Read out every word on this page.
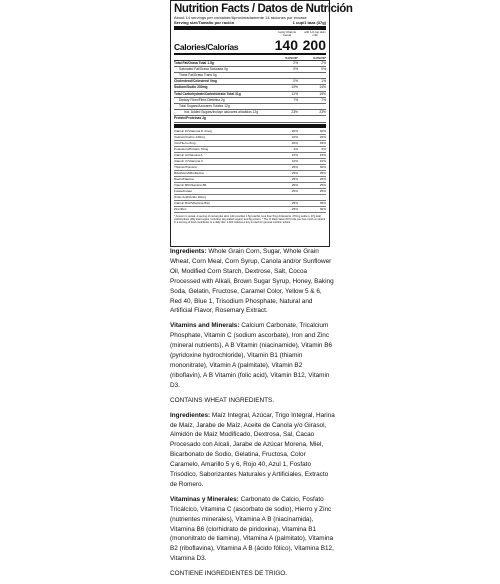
Nutrition Facts / Datos de Nutrición
About 14 servings per container/Aproximadamente 14 raciones por envase
Serving size/Tamaño por ración	1 cup/1 taza (37g)
Lucky Charms Cereal
with 1/2 cup skim milk
Calories/Calorías	140 200
% DV/VD*	% DV/VD*
Total Fat/Grasa Total 1.5g	2%	2%
Saturated Fat/Grasa Saturada 0g	0%	0%
Trans Fat/Grasa Trans 0g
Cholesterol/Colesterol 0mg	0%	1%
Sodium/Sodio 230mg	10%	14%
Total Carbohydrate/Carbohidrato Total 31g	11%	15%
Dietary Fiber/Fibra Dietética 2g	7%	7%
Total Sugars/Azúcares Totales 12g
Incl. Added Sugars/Incluye azúcares añadidos 12g	23%	23%
Protein/Proteínas 2g
Vitamin D/Vitamina D 4mcg	20%	30%
Calcium/Calcio 130mg	10%	20%
Iron/Hierro 8mg	45%	45%
Potassium/Potasio 70mg	2%	6%
Vitamin A/Vitamina A	10%	15%
Vitamin C/Vitamina C	10%	10%
Thiamin/Tiamina	25%	30%
Riboflavin/Riboflavina	25%	35%
Niacin/Niacina	25%	25%
Vitamin B6/Vitamina B6	25%	25%
Folate/Folato	25%	25%
(Folic Acid/Ácido fólico)
Vitamin B12/Vitamina B12	25%	35%
Zinc/Zinc	25%	30%
* Amount in cereal. A serving of cereal plus skim milk provides 1.5g total fat, less than 5mg cholesterol, 270mg sodium, 37g total carbohydrate (18g total sugars, including 12g added sugars) and 6g protein. * The % Daily Value (DV) tells you how much a nutrient in a serving of food contributes to a daily diet. 2,000 calories a day is used for general nutrition advice.

Ingredients: Whole Grain Corn, Sugar, Whole Grain Wheat, Corn Meal, Corn Syrup, Canola and/or Sunflower Oil, Modified Corn Starch, Dextrose, Salt, Cocoa Processed with Alkali, Brown Sugar Syrup, Honey, Baking Soda, Gelatin, Fructose, Caramel Color, Yellow 5 & 6, Red 40, Blue 1, Trisodium Phosphate, Natural and Artificial Flavor, Rosemary Extract.

Vitamins and Minerals: Calcium Carbonate, Tricalcium Phosphate, Vitamin C (sodium ascorbate), Iron and Zinc (mineral nutrients), A B Vitamin (niacinamide), Vitamin B6 (pyridoxine hydrochloride), Vitamin B1 (thiamin mononitrate), Vitamin A (palmitate), Vitamin B2 (riboflavin), A B Vitamin (folic acid), Vitamin B12, Vitamin D3.

CONTAINS WHEAT INGREDIENTS.

Ingredientes: Maíz Integral, Azúcar, Trigo Integral, Harina de Maíz, Jarabe de Maíz, Aceite de Canola y/o Girasol, Almidón de Maíz Modificado, Dextrosa, Sal, Cacao Procesado con Alcali, Jarabe de Azúcar Morena, Miel, Bicarbonato de Sodio, Gelatina, Fructosa, Color Caramelo, Amarillo 5 y 6, Rojo 40, Azul 1, Fosfato Trisódico, Saborizantes Naturales y Artificiales, Extracto de Romero.

Vitaminas y Minerales: Carbonato de Calcio, Fosfato Tricálcico, Vitamina C (ascorbato de sodio), Hierro y Zinc (nutrientes minerales), Vitamina A B (niacinamida), Vitamina B6 (clorhidrato de piridoxina), Vitamina B1 (mononitrato de tiamina), Vitamina A (palmitato), Vitamina B2 (riboflavina), Vitamina A B (ácido fólico), Vitamina B12, Vitamina D3.

CONTIENE INGREDIENTES DE TRIGO.
